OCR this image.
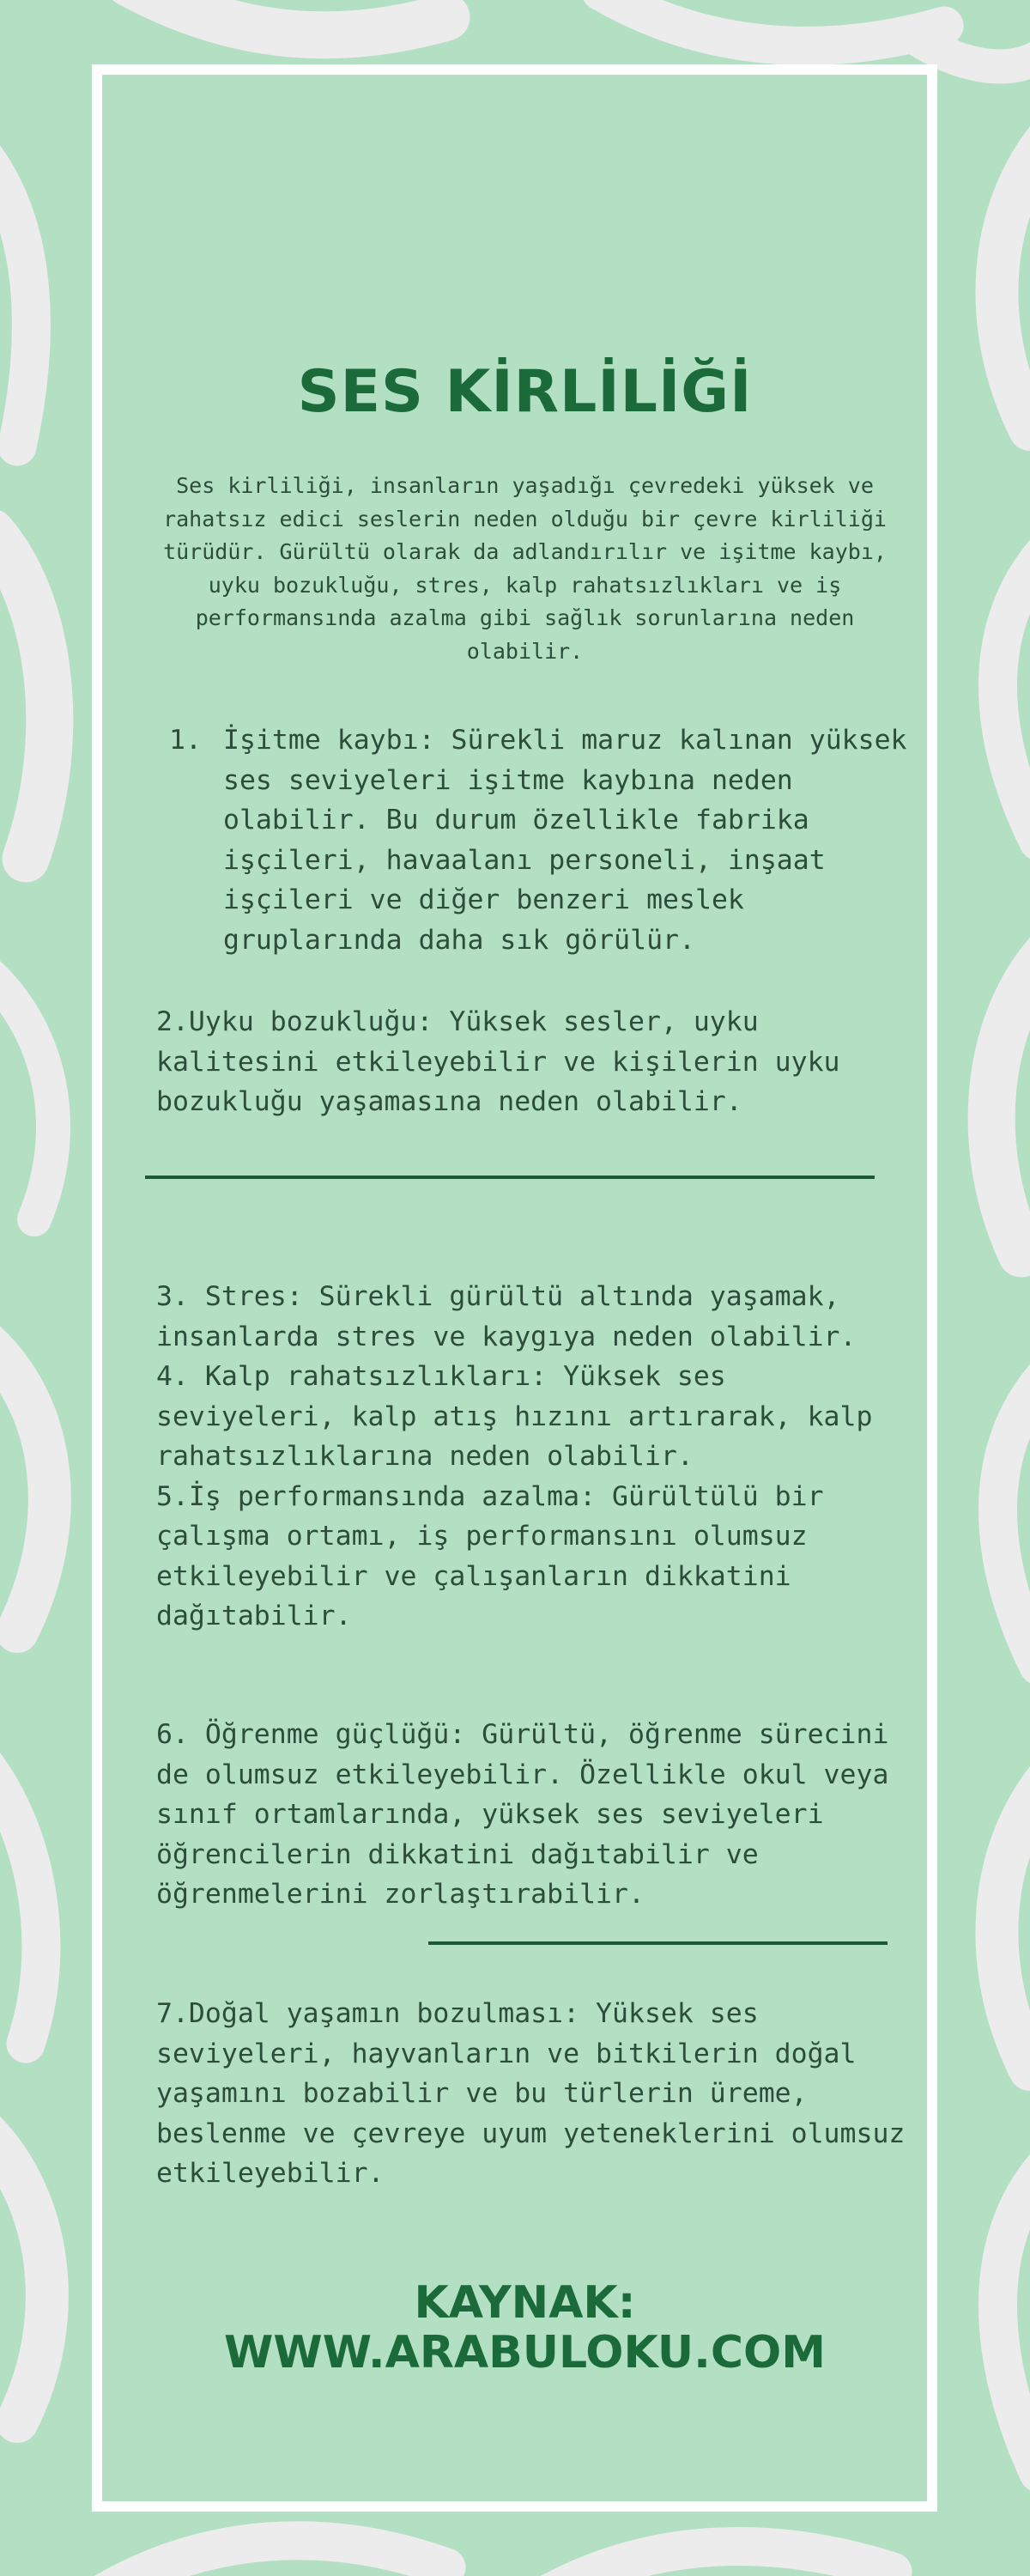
SES KİRLİLİĞİ

Ses kirliliği, insanların yaşadığı çevredeki yüksek ve rahatsız edici seslerin neden olduğu bir çevre kirliliği türüdür. Gürültü olarak da adlandırılır ve işitme kaybı, uyku bozukluğu, stres, kalp rahatsızlıkları ve iş performansında azalma gibi sağlık sorunlarına neden olabilir.

1. İşitme kaybı: Sürekli maruz kalınan yüksek ses seviyeleri işitme kaybına neden olabilir. Bu durum özellikle fabrika işçileri, havaalanı personeli, inşaat işçileri ve diğer benzeri meslek gruplarında daha sık görülür.

2.Uyku bozukluğu: Yüksek sesler, uyku kalitesini etkileyebilir ve kişilerin uyku bozukluğu yaşamasına neden olabilir.

3. Stres: Sürekli gürültü altında yaşamak, insanlarda stres ve kaygıya neden olabilir.
4. Kalp rahatsızlıkları: Yüksek ses seviyeleri, kalp atış hızını artırarak, kalp rahatsızlıklarına neden olabilir.
5.İş performansında azalma: Gürültülü bir çalışma ortamı, iş performansını olumsuz etkileyebilir ve çalışanların dikkatini dağıtabilir.

6. Öğrenme güçlüğü: Gürültü, öğrenme sürecini de olumsuz etkileyebilir. Özellikle okul veya sınıf ortamlarında, yüksek ses seviyeleri öğrencilerin dikkatini dağıtabilir ve öğrenmelerini zorlaştırabilir.

7.Doğal yaşamın bozulması: Yüksek ses seviyeleri, hayvanların ve bitkilerin doğal yaşamını bozabilir ve bu türlerin üreme, beslenme ve çevreye uyum yeteneklerini olumsuz etkileyebilir.

KAYNAK:

WWW.ARABULOKU.COM
